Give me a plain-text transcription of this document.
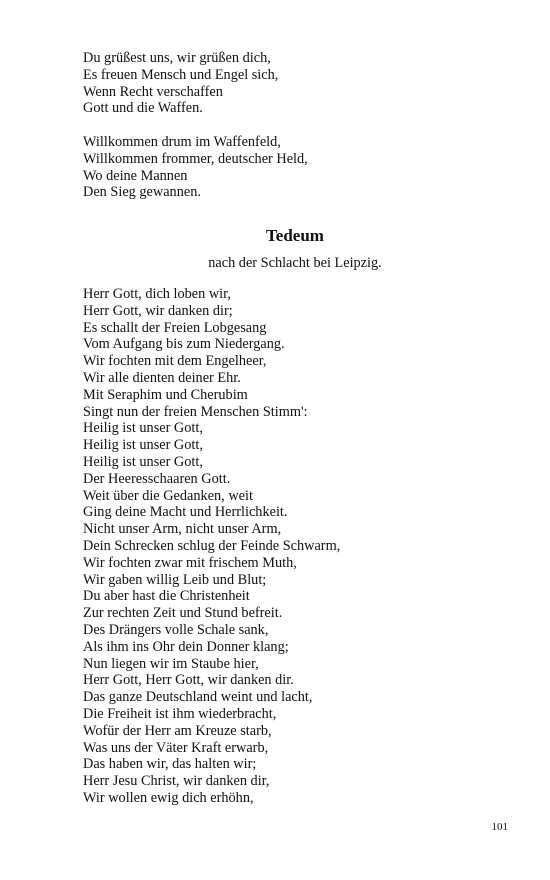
Du grüßest uns, wir grüßen dich,
Es freuen Mensch und Engel sich,
Wenn Recht verschaffen
Gott und die Waffen.
Willkommen drum im Waffenfeld,
Willkommen frommer, deutscher Held,
Wo deine Mannen
Den Sieg gewannen.
Tedeum
nach der Schlacht bei Leipzig.
Herr Gott, dich loben wir,
Herr Gott, wir danken dir;
Es schallt der Freien Lobgesang
Vom Aufgang bis zum Niedergang.
Wir fochten mit dem Engelheer,
Wir alle dienten deiner Ehr.
Mit Seraphim und Cherubim
Singt nun der freien Menschen Stimm':
Heilig ist unser Gott,
Heilig ist unser Gott,
Heilig ist unser Gott,
Der Heeresschaaren Gott.
Weit über die Gedanken, weit
Ging deine Macht und Herrlichkeit.
Nicht unser Arm, nicht unser Arm,
Dein Schrecken schlug der Feinde Schwarm,
Wir fochten zwar mit frischem Muth,
Wir gaben willig Leib und Blut;
Du aber hast die Christenheit
Zur rechten Zeit und Stund befreit.
Des Drängers volle Schale sank,
Als ihm ins Ohr dein Donner klang;
Nun liegen wir im Staube hier,
Herr Gott, Herr Gott, wir danken dir.
Das ganze Deutschland weint und lacht,
Die Freiheit ist ihm wiederbracht,
Wofür der Herr am Kreuze starb,
Was uns der Väter Kraft erwarb,
Das haben wir, das halten wir;
Herr Jesu Christ, wir danken dir,
Wir wollen ewig dich erhöhn,
101
